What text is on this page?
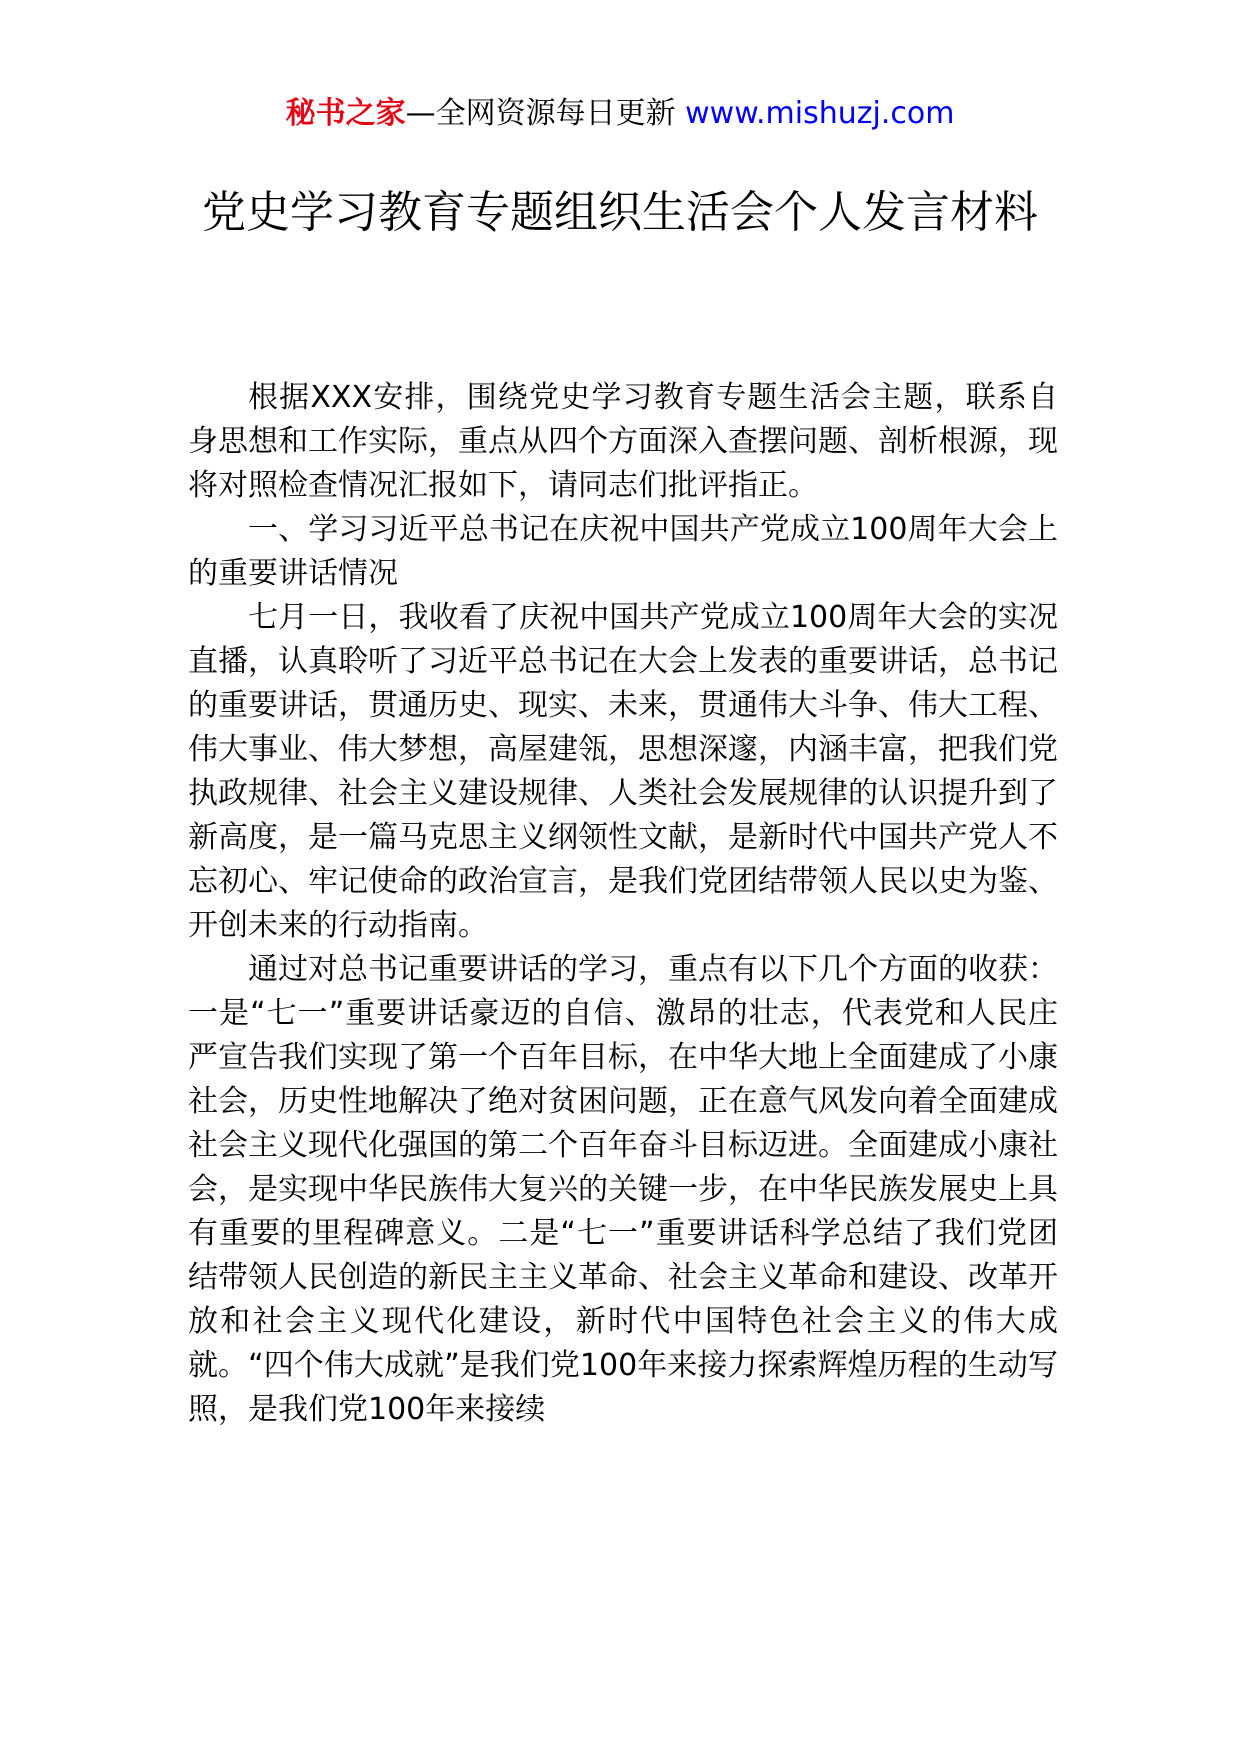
秘书之家—全网资源每日更新 www.mishuzj.com
党史学习教育专题组织生活会个人发言材料

根据XXX安排，围绕党史学习教育专题生活会主题，联系自身思想和工作实际，重点从四个方面深入查摆问题、剖析根源，现将对照检查情况汇报如下，请同志们批评指正。

一、学习习近平总书记在庆祝中国共产党成立100周年大会上的重要讲话情况

七月一日，我收看了庆祝中国共产党成立100周年大会的实况直播，认真聆听了习近平总书记在大会上发表的重要讲话，总书记的重要讲话，贯通历史、现实、未来，贯通伟大斗争、伟大工程、伟大事业、伟大梦想，高屋建瓴，思想深邃，内涵丰富，把我们党执政规律、社会主义建设规律、人类社会发展规律的认识提升到了新高度，是一篇马克思主义纲领性文献，是新时代中国共产党人不忘初心、牢记使命的政治宣言，是我们党团结带领人民以史为鉴、开创未来的行动指南。

通过对总书记重要讲话的学习，重点有以下几个方面的收获：一是“七一”重要讲话豪迈的自信、激昂的壮志，代表党和人民庄严宣告我们实现了第一个百年目标，在中华大地上全面建成了小康社会，历史性地解决了绝对贫困问题，正在意气风发向着全面建成社会主义现代化强国的第二个百年奋斗目标迈进。全面建成小康社会，是实现中华民族伟大复兴的关键一步，在中华民族发展史上具有重要的里程碑意义。二是“七一”重要讲话科学总结了我们党团结带领人民创造的新民主主义革命、社会主义革命和建设、改革开放和社会主义现代化建设，新时代中国特色社会主义的伟大成就。“四个伟大成就”是我们党100年来接力探索辉煌历程的生动写照，是我们党100年来接续
